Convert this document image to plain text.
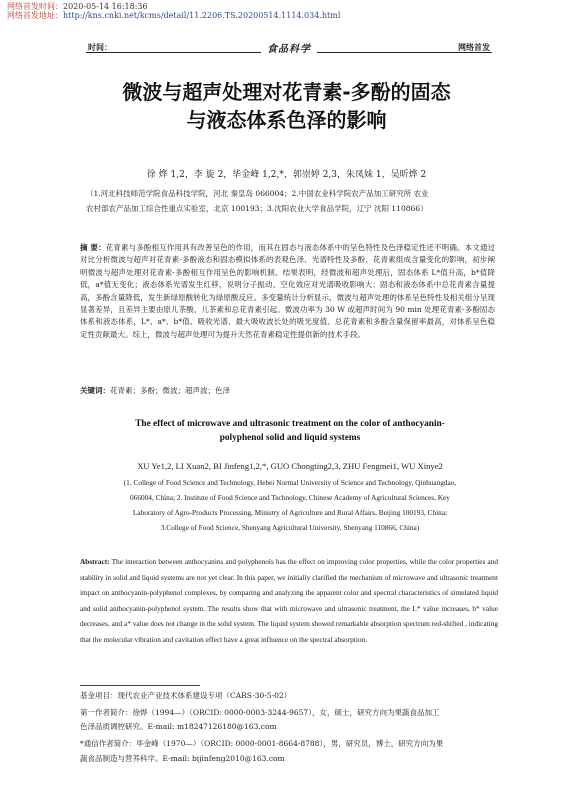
网络首发时间：2020-05-14 16:18:36
网络首发地址：http://kns.cnki.net/kcms/detail/11.2206.TS.20200514.1114.034.html
时间：	食品科学	网络首发
微波与超声处理对花青素-多酚的固态
与液态体系色泽的影响
徐 烨 1,2，李 旋 2，毕金峰 1,2,*，郭崇婷 2,3，朱凤妹 1，吴昕烨 2
（1.河北科技师范学院食品科技学院，河北 秦皇岛 066004；2.中国农业科学院农产品加工研究所 农业
农村部农产品加工综合性重点实验室，北京 100193；3.沈阳农业大学食品学院，辽宁 沈阳 110866）
摘 要：花青素与多酚相互作用具有改善呈色的作用，而其在固态与液态体系中的呈色特性及色泽稳定性还不明确。本文通过对比分析微波与超声对花青素-多酚液态和固态模拟体系的表观色泽、光谱特性及多酚、花青素组成含量变化的影响，初步阐明微波与超声处理对花青素-多酚相互作用呈色的影响机制。结果表明，经微波和超声处理后，固态体系 L*值升高，b*值降低，a*值无变化；液态体系光谱发生红移，说明分子振动、空化效应对光谱吸收影响大；固态和液态体系中总花青素含量提高，多酚含量降低，发生新绿原酸转化为绿原酸反应。多变量统计分析显示，微波与超声处理的体系呈色特性及相关组分呈现显著差异，且差异主要由原儿茶酸、儿茶素和总花青素引起。微波功率为 30 W 或超声时间为 90 min 处理花青素-多酚固态体系和液态体系，L*、a*、b*值、吸收光谱、最大吸收波长处的吸光度值、总花青素和多酚含量保留率最高，对体系呈色稳定性贡献最大。综上，微波与超声处理可为提升天然花青素稳定性提供新的技术手段。
关键词：花青素；多酚；微波；超声波；色泽
The effect of microwave and ultrasonic treatment on the color of anthocyanin-
polyphenol solid and liquid systems
XU Ye1,2, LI Xuan2, BI Jinfeng1,2,*, GUO Chongting2,3, ZHU Fengmei1, WU Xinye2
(1. College of Food Science and Technology, Hebei Normal University of Science and Technology, Qinhuangdao,
066004, China; 2. Institute of Food Science and Technology, Chinese Academy of Agricultural Sciences, Key
Laboratory of Agro-Products Processing, Ministry of Agriculture and Rural Affairs, Beijing 100193, China;
3.College of Food Science, Shenyang Agricultural University, Shenyang 110866, China)
Abstract: The interaction between anthocyanins and polyphenols has the effect on improving color properties, while the color properties and stability in solid and liquid systems are not yet clear. In this paper, we initially clarified the mechanism of microwave and ultrasonic treatment impact on anthocyanin-polyphenol complexes, by comparing and analyzing the apparent color and spectral characteristics of simulated liquid and solid anthocyanin-polyphenol system. The results show that with microwave and ultrasonic treatment, the L* value increases, b* value decreases, and a* value does not change in the solid system. The liquid system showed remarkable absorption spectrum red-shifted , indicating that the molecular vibration and cavitation effect have a great influence on the spectral absorption.
基金项目：现代农业产业技术体系建设专项（CARS-30-5-02）
第一作者简介：徐烨（1994—）（ORCID: 0000-0003-3244-9657），女，硕士，研究方向为果蔬食品加工
色泽品质调控研究。E-mail: m18247126180@163.com
*通信作者简介：毕金峰（1970—）（ORCID: 0000-0001-8664-8788），男，研究员，博士，研究方向为果
蔬食品制造与营养科学。E-mail: bijinfeng2010@163.com
